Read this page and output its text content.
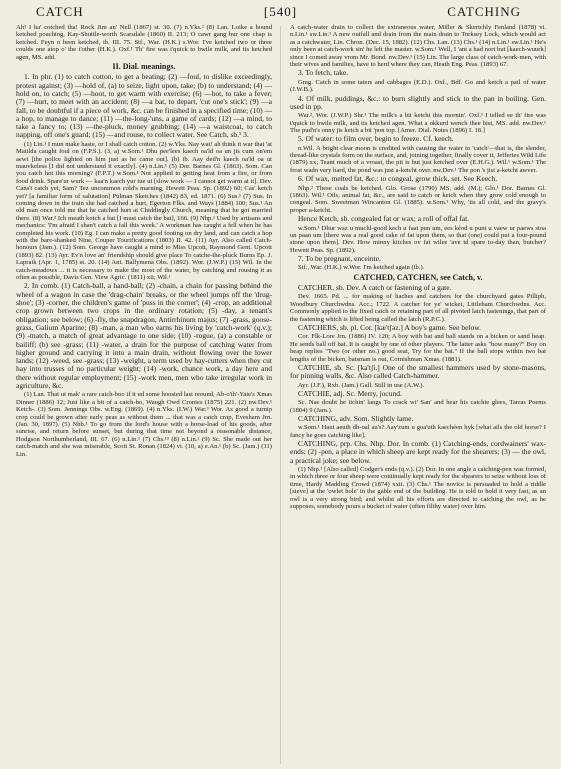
CATCH	[540]	CATCHING

Ah! I ha' cotched tha! Rock Jim an' Nell (1867) st. 30. (7) n.Yks.² (8) Lan. Loike a hound ketched poaching, Kay-Shuttle-worth Scarsdale (1860) II. 213; O cawr gang bur one chap is ketched. Feyn o been ketched, ib. III. 75. Stf., War. (H.K.) s.Wor. I've ketched two or three coulds one atop o' the t'other (H.K.). Oxf.¹ Th' fire was t'quick to bwile milk, and tis ketched agen, MS. add.

II. Dial. meanings.

1. In phr. (1) to catch cotton, to get a beating; (2) —foul, to dislike exceedingly, protest against; (3) —hold of, (a) to seize, light upon, take; (b) to understand; (4) —hold on, to catch; (5) —hoot, to get warm with exercise; (6) —hot, to take a fever; (7) —hurt, to meet with an accident; (8) —a bat, to depart, 'cut one's stick'; (9) —a fall, to be doubtful if a piece of work, &c. can be finished in a specified time; (10) —a hop, to manage to dance; (11) —the-long-'uns, a game of cards; (12) —a mind, to take a fancy to; (13) —the-pluck, money grubbing; (14) —a waistcoat, to catch napping, off one's guard; (15) —and rouse, to collect water. See Catch, sb.¹ 3.

(1) Lin.¹ I mun make haste, or I shall catch cotton. (2) w.Yks. Nay wat! ah think it war that 'at Matilda caught foul on (F.P.S.). (3, a) w.Som.¹ Dhu pee'lees kaech oa'ld oa un jis cum on'em aewt [the police lighted on him just as he came out]. (b) ib. Aay ded'n kaech oa'ld oa ut mauvkeless [I did not understand it exactly]. (4) n.Lin.¹ (5) Dor. Barnes Gl. (1863). Som. Can you catch hot this morning? (F.P.T.) w.Som.¹ Not applied to getting heat from a fire, or from food drink. Spare'ur wurk — kaa'n kaech yur tue ut [slow work — I cannot get warm at it]. Dev. Cans't catch yet, Sam? Tez uncommon cold's marning, Hewett Peas. Sp. (1892) 60; Cas' ketch yet? [a familiar form of salutation] Pulman Sketches (1842) 83, ed. 1871. (6) Sus.¹ (7) Sus. In coming down in the train she had catched a hurt, Egerton Flks. and Ways (1884) 100; Sus.¹ An old man once told me that he catched hurt at Chiddingly Church, meaning that he got married there. (8) War.³ Ich meath kotch a bat [I must catch the bat], 166. (9) Nhp.¹ Used by artisans and mechanics: 'I'm afraid I shan't catch a fall this week.' A workman has caught a fell when he has completed his work. (10) Eg. I can make a pretty good footing on dry land, and can catch a hop with the bare-shanked Nine, Couper Tourifications (1803) II. 42. (11) Ayr. Also called Catch-honours (Jam.). (12) Som. George have caught a mind to Miss Upcott, Raymond Gent. Upcott (1893) 82. (13) Ayr. Ev'n love an' friendship should give place To catche-the-pluck Burns Ep. J. Lapraik (Apr. 1, 1785) st. 20. (14) Ant. Ballymena Obs. (1892). Wor. (J.W.P.) (15) Wil. In the catch-meadows ... it is necessary to make the most of the water, by catching and rousing it as often as possible, Davis Gen. View Agric. (1811) xii; Wil.¹

2. In comb. (1) Catch-ball, a hand-ball; (2) -chain, a chain for passing behind the wheel of a wagon in case the 'drag-chain' breaks, or the wheel jumps off the 'drug-shoe'; (3) -corner, the children's game of 'puss in the corner'; (4) -crop, an additional crop grown between two crops in the ordinary rotation; (5) -day, a tenant's obligation; see below; (6) -fly, the snapdragon, Antirrhinum majus; (7) -grass, goose-grass, Galium Aparine; (8) -man, a man who earns his living by 'catch-work' (q.v.); (9) -match, a match of great advantage to one side; (10) -rogue, (a) a constable or bailiff; (b) see -grass; (11) -water, a drain for the purpose of catching water from higher ground and carrying it into a main drain, without flowing over the lower lands; (12) -weed, see -grass; (13) -weight, a term used by hay-cutters when they cut hay into trusses of no particular weight; (14) -work, chance work, a day here and there without regular employment; (15) -work men, men who take irregular work in agriculture, &c.

(1) Lan. That ut mak' a rare catch-boo if it ud some hoosted last reound, Ab-o'th'-Yate's Xmas Dinner (1886) 12; Just like a bit of a catch-bo, Waugh Owd Cronies (1875) 221. (2) nw.Dev.¹ Ketch-. (3) Som. Jennings Obs. w.Eng. (1869). (4) n.Yks. (I.W.) War.³ Wor. As good a turnip crop could be grown after early peas as without them ... that was a catch crop, Evesham Jrn. (Jan. 30, 1897). (5) Nhb.¹ To go from the lord's house with a horse-load of his goods, after sunrise, and return before sunset, but during that time not beyond a reasonable distance, Hodgson Northumberland, III. 67. (6) n.Lin.¹ (7) Chs.¹³ (8) n.Lin.¹ (9) Sc. She made out her catch-match and she was miserable, Scott St. Ronan (1824) vi. (10, a) e.An.¹ (b) Sc. (Jam.) (11) Lin.

A catch-water drain to collect the extraneous water, Miller & Skertchly Fenland (1878) vi. n.Lin.¹ sw.Lin.¹ A new outfall and drain from the main drain to Torksey Lock, which would act as a catchwater, Lin. Chron. (Dec. 15, 1882). (12) Chs. Lan. (13) Chs.¹ (14) n.Lin.¹ sw.Lin.¹ He's only been at catch-work sin' he left the master. w.Som.¹ Well, I 'ant a had nort but [kaech-wuurk] since I comed away vrom Mr. Bond. nw.Dev.¹ (15) Lin. The large class of catch-work-men, with their wives and families, have to herd where they can, Heath Eng. Peas. (1893) 67.

3. To fetch, take.

Gmg. Catch in some taters and cabbages (E.D.). Oxf., Bdf. Go and ketch a pail of water (J.W.B.).

4. Of milk, puddings, &c.: to burn slightly and stick to the pan in boiling. Gen. used in pp.

War.², Wor. (J.W.P.) Shr.¹ The milk's a bit ketcht this mornin'. Oxf.¹ I telled ee th' fire was t'quick to bwile milk, and tis ketched agen. What a okkurd wench thee bist, MS. add. nw.Dev.¹ The pud'n's onny jis ketch a bit 'pon top. [Amer. Dial. Notes (1896) I. 18.]

5. Of water: to film over, begin to freeze. Cf. keech.

n.Wil. A bright clear moon is credited with causing the water to 'catch'—that is, the slender, thread-like crystals form on the surface, and, joining together, finally cover it, Jefferies Wild Life (1879) xx; Teant much of a vroast, the pit is but just ketched over (E.H.G.). Wil.¹ w.Som.¹ The frost wadn very hard, the pond was just a-ketcht over. nw.Dev.¹ The pon 's jist a-ketcht awver.

6. Of wax, melted fat, &c.: to congeal, grow thick, set. See Keech.

Nhp.² These coals be ketched. Glo. Grose (1790) MS. add. (M.); Glo.¹ Dor. Barnes Gl. (1863). Wil.¹ Oils, animal fat, &c., are said to catch or ketch when they grow cold enough to congeal. Som. Sweetman Wincanton Gl. (1885). w.Som.¹ Why, 'tis all cold, and the gravy's proper a-ketcht.

Hence Ketch, sb. congealed fat or wax; a roll of offal fat.

w.Som.¹ Dhur waz u muchl-good kech u faat pun um, ees kéod u punt u vaew ur paews stoa un paan um [there was a real good cake of fat upon them, so that (one) could put a four-pound stone upon them]. Dev. How minny kitches ov fat wilee 'ave td spare to-day than, butcher? Hewett Peas. Sp. (1892).

7. To be pregnant, enceinte.

Stf., War. (H.K.) w.Wor. I'm ketched again (ib.).

CATCHED, CATCHEN, see Catch, v.

CATCHER, sb. Dev. A catch or fastening of a gate.

Dev. 1665. Pd. ... for making of haches and catchers for the churchyard gates Pilliph, Woodbury Churchwdns. Acc.; 1722. A catcher for ye' wicket, Littleham Churchwdns. Acc. Commonly applied to the fixed catch or retaining part of all pivoted latch fastenings, that part of the fastening which is lifted being called the latch (R.P.C.).

CATCHERS, sb. pl. Cor. [kæ'tʃəz.] A boy's game. See below.

Cor. Flk-Lore Jrn. (1886) IV. 120; A boy with bat and ball stands on a bicken or sand heap. He sends ball off bat. It is caught by one of other players. 'The latter asks "how many?" Boy on heap replies "Two (or other no.) good seat, Try for the bat." If the ball stops within two bat lengths of the bicken, batsman is out, Cornishman Xmas. (1881).

CATCHIE, sb. Sc. [ka'tʃi.] One of the smallest hammers used by stone-masons, for pinning walls, &c. Also called Catch-hammer.

Ayr. (J.F.), Rxb. (Jam.) Gall. Still in use (A.W.).

CATCHIE, adj. Sc. Merry, jocund.

Sc. Nae doubt he itchin' langs To crack wi' San' and hear his catchie glees, Tarras Poems (1804) 9 (Jam.).

CATCHING, adv. Som. Slightly lame.

w.Som.¹ Haut aeuth dh-oal au's? Aay'zum u goa'uth kaechéen hyk [what ails the old horse? I fancy he goes catching like].

CATCHING, prp. Chs. Nhp. Dor. In comb. (1) Catching-ends, cordwainers' wax-ends; (2) -pen, a place in which sheep are kept ready for the shearers; (3) — the owl, a practical joke; see below.

(1) Nhp.¹ [Also called] Codger's ends (q.v.). (2) Dor. In one angle a catching-pen was formed, in which three or four sheep were continually kept ready for the shearers to seize without loss of time, Hardy Madding Crowd (1874) xxii. (3) Chs.¹ The novice is persuaded to hold a riddle [sieve] at the 'owlet hole' in the gable end of the building. He is told to hold it very fast, as an owl is a very strong bird; and whilst all his efforts are directed to catching the owl, as he supposes, somebody pours a bucket of water (often filthy water) over him.
